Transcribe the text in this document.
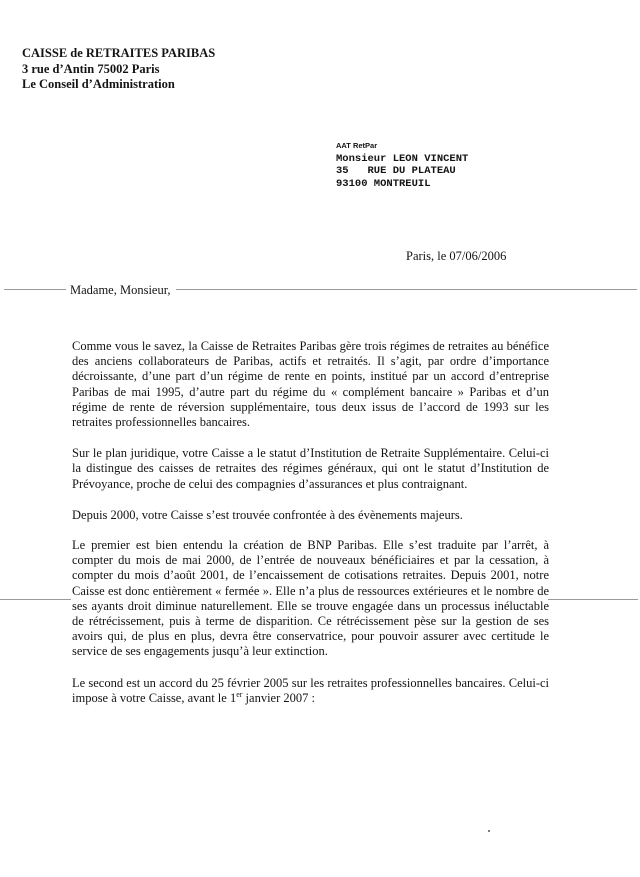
CAISSE de RETRAITES PARIBAS
3 rue d’Antin 75002 Paris
Le Conseil d’Administration
AAT RetPar
Monsieur LEON VINCENT
35   RUE DU PLATEAU
93100 MONTREUIL
Paris, le 07/06/2006
Madame, Monsieur,

Comme vous le savez, la Caisse de Retraites Paribas gère trois régimes de retraites au bénéfice des anciens collaborateurs de Paribas, actifs et retraités. Il s’agit, par ordre d’importance décroissante, d’une part d’un régime de rente en points, institué par un accord d’entreprise Paribas de mai 1995, d’autre part du régime du « complément bancaire » Paribas et d’un régime de rente de réversion supplémentaire, tous deux issus de l’accord de 1993 sur les retraites professionnelles bancaires.

Sur le plan juridique, votre Caisse a le statut d’Institution de Retraite Supplémentaire. Celui-ci la distingue des caisses de retraites des régimes généraux, qui ont le statut d’Institution de Prévoyance, proche de celui des compagnies d’assurances et plus contraignant.

Depuis 2000, votre Caisse s’est trouvée confrontée à des évènements majeurs.

Le premier est bien entendu la création de BNP Paribas. Elle s’est traduite par l’arrêt, à compter du mois de mai 2000, de l’entrée de nouveaux bénéficiaires et par la cessation, à compter du mois d’août 2001, de l’encaissement de cotisations retraites. Depuis 2001, notre Caisse est donc entièrement « fermée ». Elle n’a plus de ressources extérieures et le nombre de ses ayants droit diminue naturellement. Elle se trouve engagée dans un processus inéluctable de rétrécissement, puis à terme de disparition. Ce rétrécissement pèse sur la gestion de ses avoirs qui, de plus en plus, devra être conservatrice, pour pouvoir assurer avec certitude le service de ses engagements jusqu’à leur extinction.

Le second est un accord du 25 février 2005 sur les retraites professionnelles bancaires. Celui-ci impose à votre Caisse, avant le 1er janvier 2007 :
